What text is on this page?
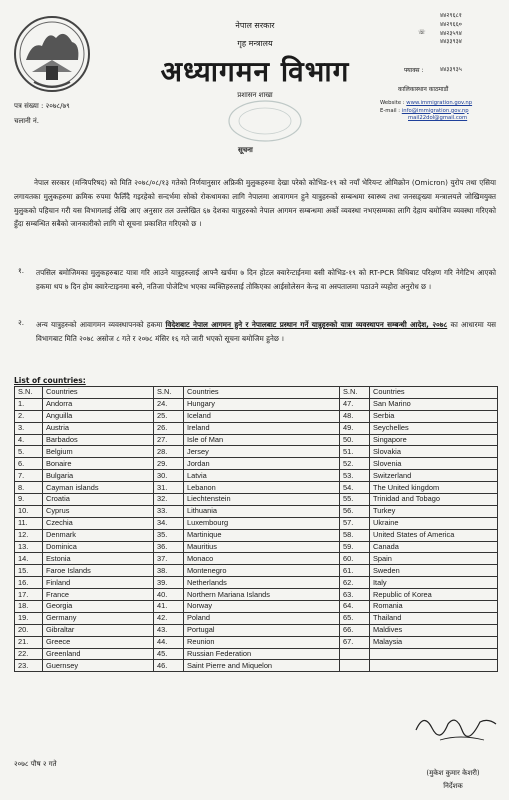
नेपाल सरकार
गृह मन्त्रालय
अध्यागमन विभाग
प्रशासन शाखा
सूचना
४४२९६८१
४४२९६६०
४४२३५९४
४४३३९३४
☏
फ्याक्स :	४४३३९३५
कालिकास्थान काठमाडौं
Website : www.immigration.gov.np
E-mail : info@immigration.gov.np
mail22dol@gmail.com
पत्र संख्या : २०७८/७९
चलानी नं.
नेपाल सरकार (मन्त्रिपरिषद) को मिति २०७८/०८/१३ गतेको निर्णयानुसार अफ्रिकी मुलुकहरुमा देखा परेको कोभिड-१९ को नयाँ भेरियन्ट ओमिक्रोन (Omicron) युरोप तथा एसिया लगायतका मुलुकहरुमा क्रमिक रुपमा फैलिँदै गइरहेको सन्दर्भमा सोको रोकथामका लागि नेपालमा आवागमन हुने यात्रुहरुको सम्बन्धमा स्वास्थ्य तथा जनसङ्ख्या मन्त्रालयले जोखिमयुक्त मुलुकको पहिचान गरी यस विभागलाई लेखि आए अनुसार तल उल्लेखित ६७ देशका यात्रुहरुको नेपाल आगमन सम्बन्धमा अर्को व्यवस्था नभएसम्मका लागि देहाय बमोजिम व्यवस्था गरिएको हुँदा सम्बन्धित सबैको जानकारीको लागि यो सूचना प्रकाशित गरिएको छ ।
१. तपसिल बमोजिमका मुलुकहरुबाट यात्रा गरि आउने यात्रुहरुलाई आफ्नै खर्चमा ७ दिन होटल क्वारेन्टाईनमा बसी कोभिड-१९ को RT-PCR विधिबाट परिक्षण गरि नेगेटिभ आएको हकमा थप ७ दिन होम क्वारेन्टाइनमा बस्ने, नतिजा पोजेटिभ भएका व्यक्तिहरुलाई तोकिएका आईसोलेसन केन्द्र वा अस्पतालमा पठाउने व्यहोरा अनुरोध छ ।
२. अन्य यात्रुहरुको आवागमन व्यवस्थापनको हकमा विदेशबाट नेपाल आगमन हुने र नेपालबाट प्रस्थान गर्ने यात्रुहरुको यात्रा व्यवस्थापन सम्बन्धी आदेश, २०७८ का आधारमा यस विभागबाट मिति २०७८ असोज ८ गते र २०७८ मंसिर १६ गते जारी भएको सूचना बमोजिम हुनेछ ।
List of countries:
S.N.	Countries	S.N.	Countries	S.N.	Countries
1.	Andorra	24.	Hungary	47.	San Marino
2.	Anguilla	25.	Iceland	48.	Serbia
3.	Austria	26.	Ireland	49.	Seychelles
4.	Barbados	27.	Isle of Man	50.	Singapore
5.	Belgium	28.	Jersey	51.	Slovakia
6.	Bonaire	29.	Jordan	52.	Slovenia
7.	Bulgaria	30.	Latvia	53.	Switzerland
8.	Cayman islands	31.	Lebanon	54.	The United kingdom
9.	Croatia	32.	Liechtenstein	55.	Trinidad and Tobago
10.	Cyprus	33.	Lithuania	56.	Turkey
11.	Czechia	34.	Luxembourg	57.	Ukraine
12.	Denmark	35.	Martinique	58.	United States of America
13.	Dominica	36.	Mauritius	59.	Canada
14.	Estonia	37.	Monaco	60.	Spain
15.	Faroe Islands	38.	Montenegro	61.	Sweden
16.	Finland	39.	Netherlands	62.	Italy
17.	France	40.	Northern Mariana Islands	63.	Republic of Korea
18.	Georgia	41.	Norway	64.	Romania
19.	Germany	42.	Poland	65.	Thailand
20.	Gibraltar	43.	Portugal	66.	Maldives
21.	Greece	44.	Reunion	67.	Malaysia
22.	Greenland	45.	Russian Federation		
23.	Guernsey	46.	Saint Pierre and Miquelon		
२०७८ पौष २ गते
(मुकेश कुमार केशरी)
निर्देशक
